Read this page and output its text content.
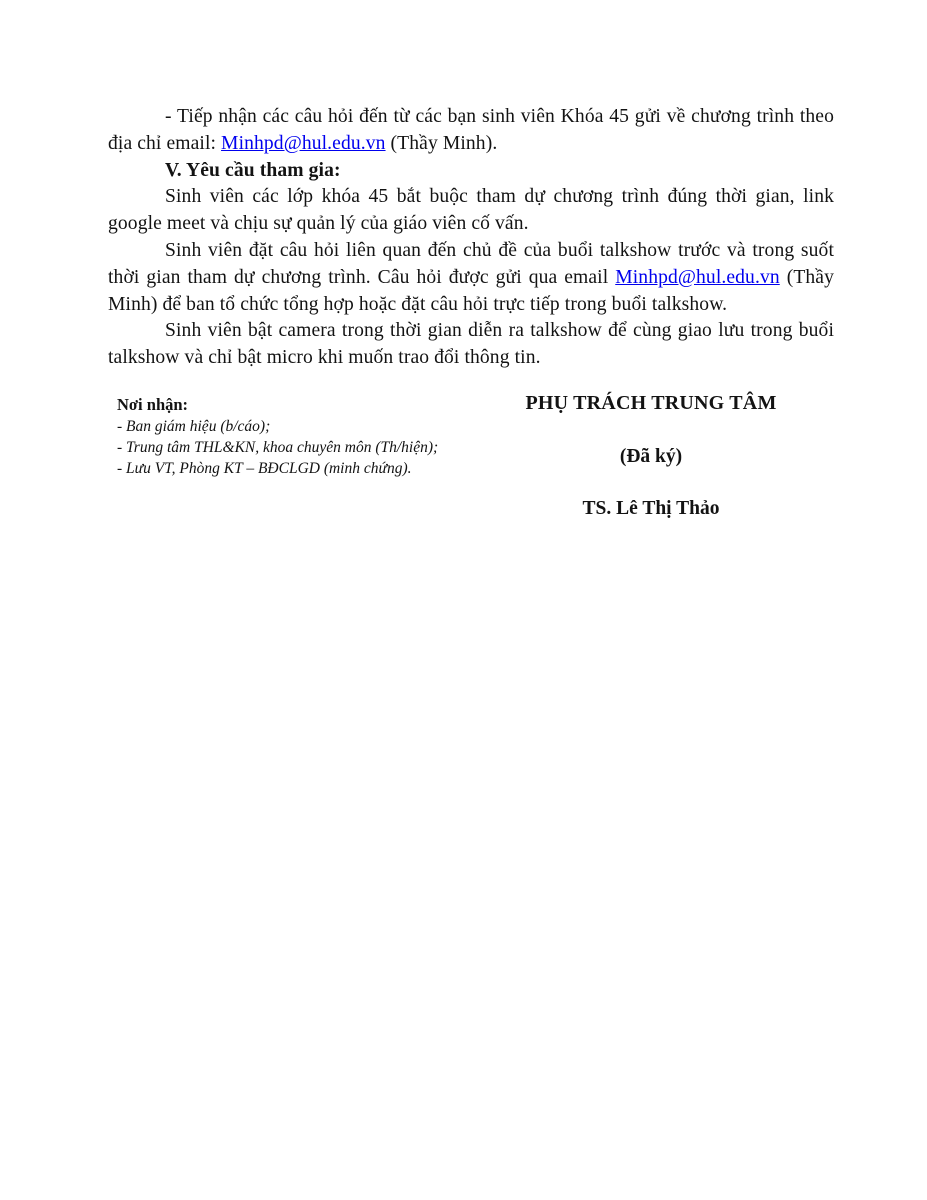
- Tiếp nhận các câu hỏi đến từ các bạn sinh viên Khóa 45 gửi về chương trình theo địa chỉ email: Minhpd@hul.edu.vn (Thầy Minh).

V. Yêu cầu tham gia:

Sinh viên các lớp khóa 45 bắt buộc tham dự chương trình đúng thời gian, link google meet và chịu sự quản lý của giáo viên cố vấn.

Sinh viên đặt câu hỏi liên quan đến chủ đề của buổi talkshow trước và trong suốt thời gian tham dự chương trình. Câu hỏi được gửi qua email Minhpd@hul.edu.vn (Thầy Minh) để ban tổ chức tổng hợp hoặc đặt câu hỏi trực tiếp trong buổi talkshow.

Sinh viên bật camera trong thời gian diễn ra talkshow để cùng giao lưu trong buổi talkshow và chỉ bật micro khi muốn trao đổi thông tin.

Nơi nhận:
- Ban giám hiệu (b/cáo);
- Trung tâm THL&KN, khoa chuyên môn (Th/hiện);
- Lưu VT, Phòng KT – BĐCLGD (minh chứng).
PHỤ TRÁCH TRUNG TÂM
(Đã ký)
TS. Lê Thị Thảo
